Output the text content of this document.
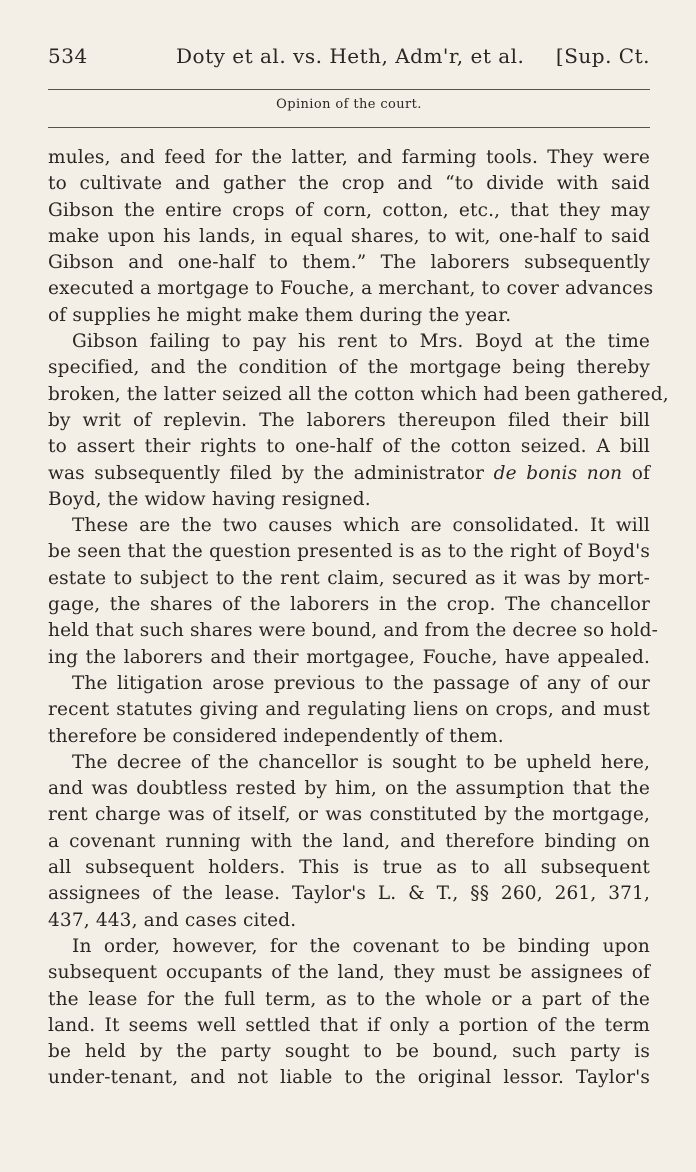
534	Doty et al. vs. Heth, Adm'r, et al. [Sup. Ct.
Opinion of the court.
mules, and feed for the latter, and farming tools. They were
to cultivate and gather the crop and “to divide with said
Gibson the entire crops of corn, cotton, etc., that they may
make upon his lands, in equal shares, to wit, one-half to said
Gibson and one-half to them.” The laborers subsequently
executed a mortgage to Fouche, a merchant, to cover advances
of supplies he might make them during the year.
Gibson failing to pay his rent to Mrs. Boyd at the time
specified, and the condition of the mortgage being thereby
broken, the latter seized all the cotton which had been gathered,
by writ of replevin. The laborers thereupon filed their bill
to assert their rights to one-half of the cotton seized. A bill
was subsequently filed by the administrator de bonis non of
Boyd, the widow having resigned.
These are the two causes which are consolidated. It will
be seen that the question presented is as to the right of Boyd's
estate to subject to the rent claim, secured as it was by mort-
gage, the shares of the laborers in the crop. The chancellor
held that such shares were bound, and from the decree so hold-
ing the laborers and their mortgagee, Fouche, have appealed.
The litigation arose previous to the passage of any of our
recent statutes giving and regulating liens on crops, and must
therefore be considered independently of them.
The decree of the chancellor is sought to be upheld here,
and was doubtless rested by him, on the assumption that the
rent charge was of itself, or was constituted by the mortgage,
a covenant running with the land, and therefore binding on
all subsequent holders. This is true as to all subsequent
assignees of the lease. Taylor's L. & T., §§ 260, 261, 371,
437, 443, and cases cited.
In order, however, for the covenant to be binding upon
subsequent occupants of the land, they must be assignees of
the lease for the full term, as to the whole or a part of the
land. It seems well settled that if only a portion of the term
be held by the party sought to be bound, such party is
under-tenant, and not liable to the original lessor. Taylor's
